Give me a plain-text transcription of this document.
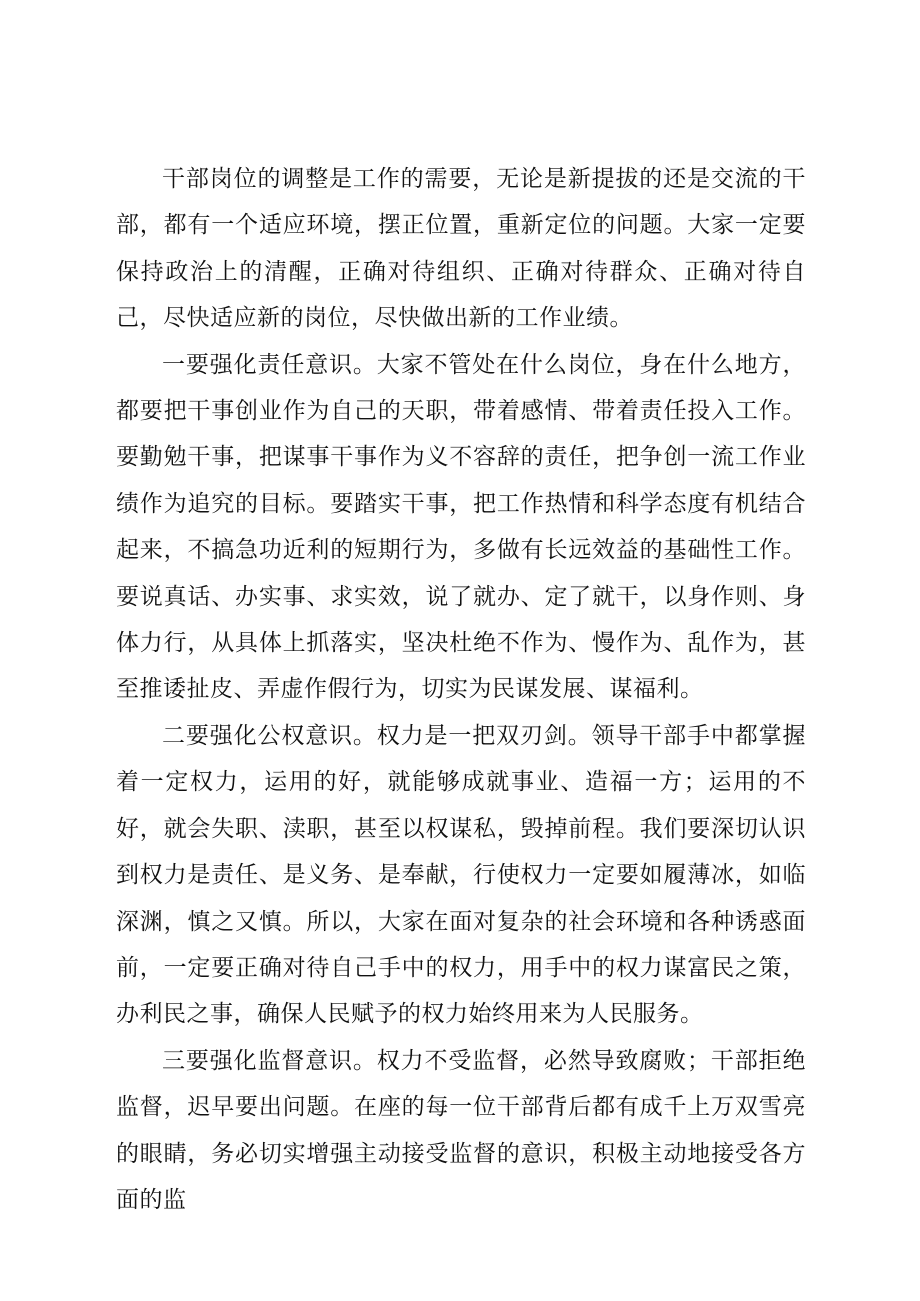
干部岗位的调整是工作的需要，无论是新提拔的还是交流的干部，都有一个适应环境，摆正位置，重新定位的问题。大家一定要保持政治上的清醒，正确对待组织、正确对待群众、正确对待自己，尽快适应新的岗位，尽快做出新的工作业绩。

一要强化责任意识。大家不管处在什么岗位，身在什么地方，都要把干事创业作为自己的天职，带着感情、带着责任投入工作。要勤勉干事，把谋事干事作为义不容辞的责任，把争创一流工作业绩作为追究的目标。要踏实干事，把工作热情和科学态度有机结合起来，不搞急功近利的短期行为，多做有长远效益的基础性工作。要说真话、办实事、求实效，说了就办、定了就干，以身作则、身体力行，从具体上抓落实，坚决杜绝不作为、慢作为、乱作为，甚至推诿扯皮、弄虚作假行为，切实为民谋发展、谋福利。

二要强化公权意识。权力是一把双刃剑。领导干部手中都掌握着一定权力，运用的好，就能够成就事业、造福一方；运用的不好，就会失职、渎职，甚至以权谋私，毁掉前程。我们要深切认识到权力是责任、是义务、是奉献，行使权力一定要如履薄冰，如临深渊，慎之又慎。所以，大家在面对复杂的社会环境和各种诱惑面前，一定要正确对待自己手中的权力，用手中的权力谋富民之策，办利民之事，确保人民赋予的权力始终用来为人民服务。

三要强化监督意识。权力不受监督，必然导致腐败；干部拒绝监督，迟早要出问题。在座的每一位干部背后都有成千上万双雪亮的眼睛，务必切实增强主动接受监督的意识，积极主动地接受各方面的监
